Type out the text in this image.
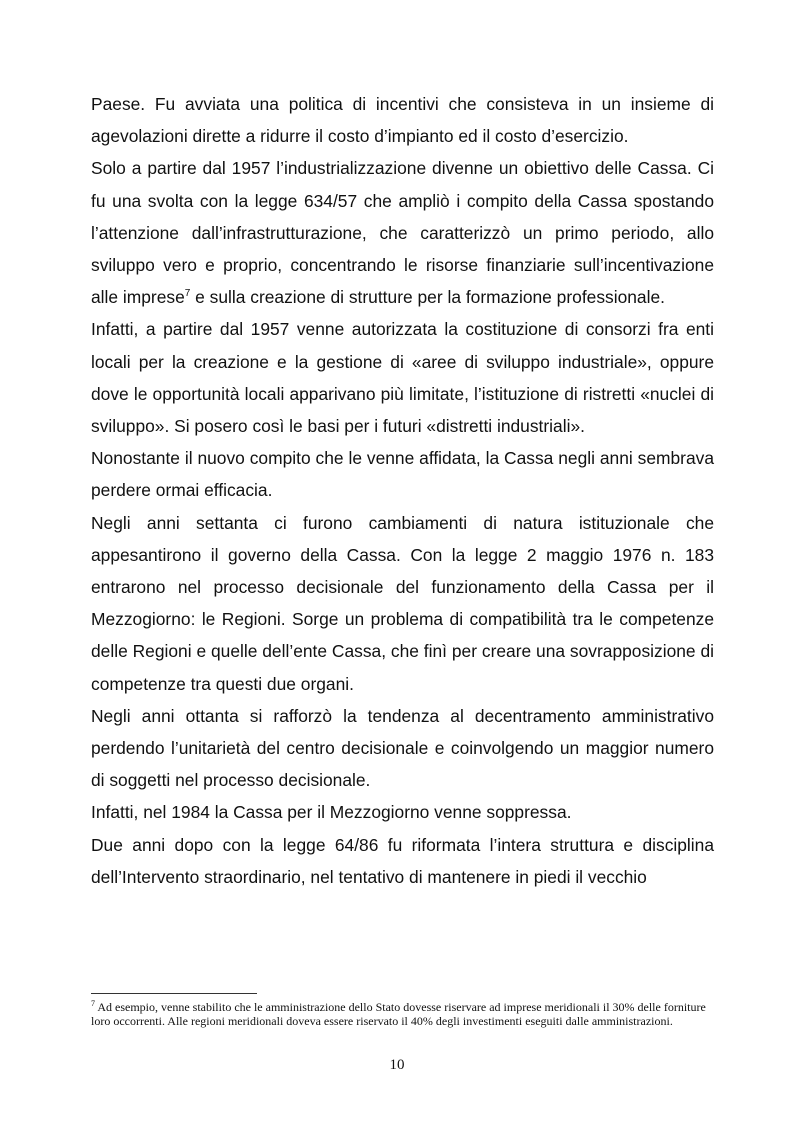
Paese. Fu avviata una politica di incentivi che consisteva in un insieme di agevolazioni dirette a ridurre il costo d’impianto ed il costo d’esercizio.

Solo a partire dal 1957 l’industrializzazione divenne un obiettivo delle Cassa. Ci fu una svolta con la legge 634/57 che ampliò i compito della Cassa spostando l’attenzione dall’infrastrutturazione, che caratterizzò un primo periodo, allo sviluppo vero e proprio, concentrando le risorse finanziarie sull’incentivazione alle imprese$^7$ e sulla creazione di strutture per la formazione professionale.

Infatti, a partire dal 1957 venne autorizzata la costituzione di consorzi fra enti locali per la creazione e la gestione di «aree di sviluppo industriale», oppure dove le opportunità locali apparivano più limitate, l’istituzione di ristretti «nuclei di sviluppo». Si posero così le basi per i futuri «distretti industriali».

Nonostante il nuovo compito che le venne affidata, la Cassa negli anni sembrava perdere ormai efficacia.

Negli anni settanta ci furono cambiamenti di natura istituzionale che appesantirono il governo della Cassa. Con la legge 2 maggio 1976 n. 183 entrarono nel processo decisionale del funzionamento della Cassa per il Mezzogiorno: le Regioni. Sorge un problema di compatibilità tra le competenze delle Regioni e quelle dell’ente Cassa, che finì per creare una sovrapposizione di competenze tra questi due organi.

Negli anni ottanta si rafforzò la tendenza al decentramento amministrativo perdendo l’unitarietà del centro decisionale e coinvolgendo un maggior numero di soggetti nel processo decisionale.

Infatti, nel 1984 la Cassa per il Mezzogiorno venne soppressa.

Due anni dopo con la legge 64/86 fu riformata l’intera struttura e disciplina dell’Intervento straordinario, nel tentativo di mantenere in piedi il vecchio

$^7$ Ad esempio, venne stabilito che le amministrazione dello Stato dovesse riservare ad imprese meridionali il 30% delle forniture loro occorrenti. Alle regioni meridionali doveva essere riservato il 40% degli investimenti eseguiti dalle amministrazioni.
10
